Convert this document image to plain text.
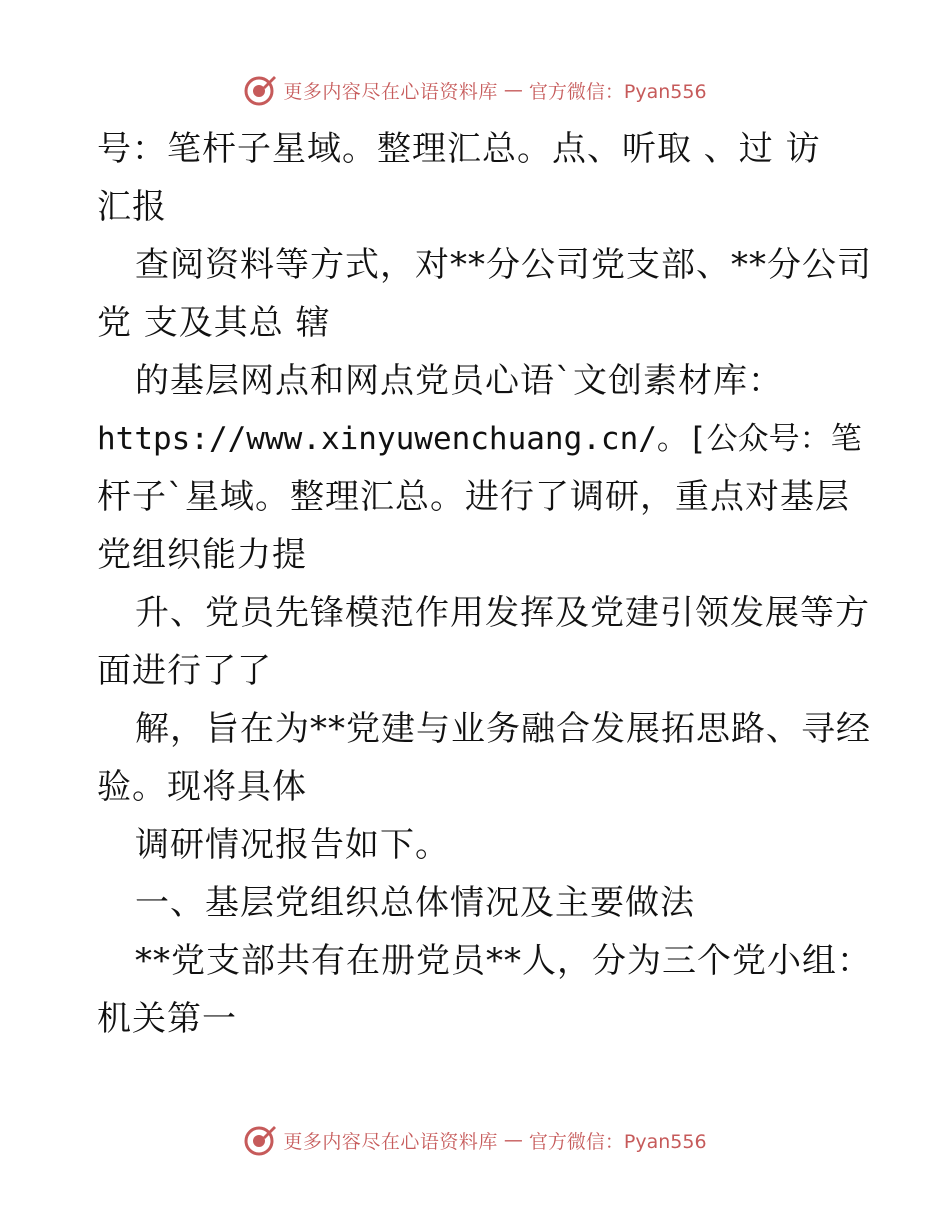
更多内容尽在心语资料库 — 官方微信：Pyan556
号：笔杆子星域。整理汇总。点、听取 、过 访
汇报
查阅资料等方式，对**分公司党支部、**分公司
党 支及其总 辖
的基层网点和网点党员心语`文创素材库：
https://www.xinyuwenchuang.cn/。[公众号：笔
杆子`星域。整理汇总。进行了调研，重点对基层
党组织能力提
升、党员先锋模范作用发挥及党建引领发展等方
面进行了了
解，旨在为**党建与业务融合发展拓思路、寻经
验。现将具体
调研情况报告如下。
一、基层党组织总体情况及主要做法
**党支部共有在册党员**人，分为三个党小组：
机关第一
更多内容尽在心语资料库 — 官方微信：Pyan556
